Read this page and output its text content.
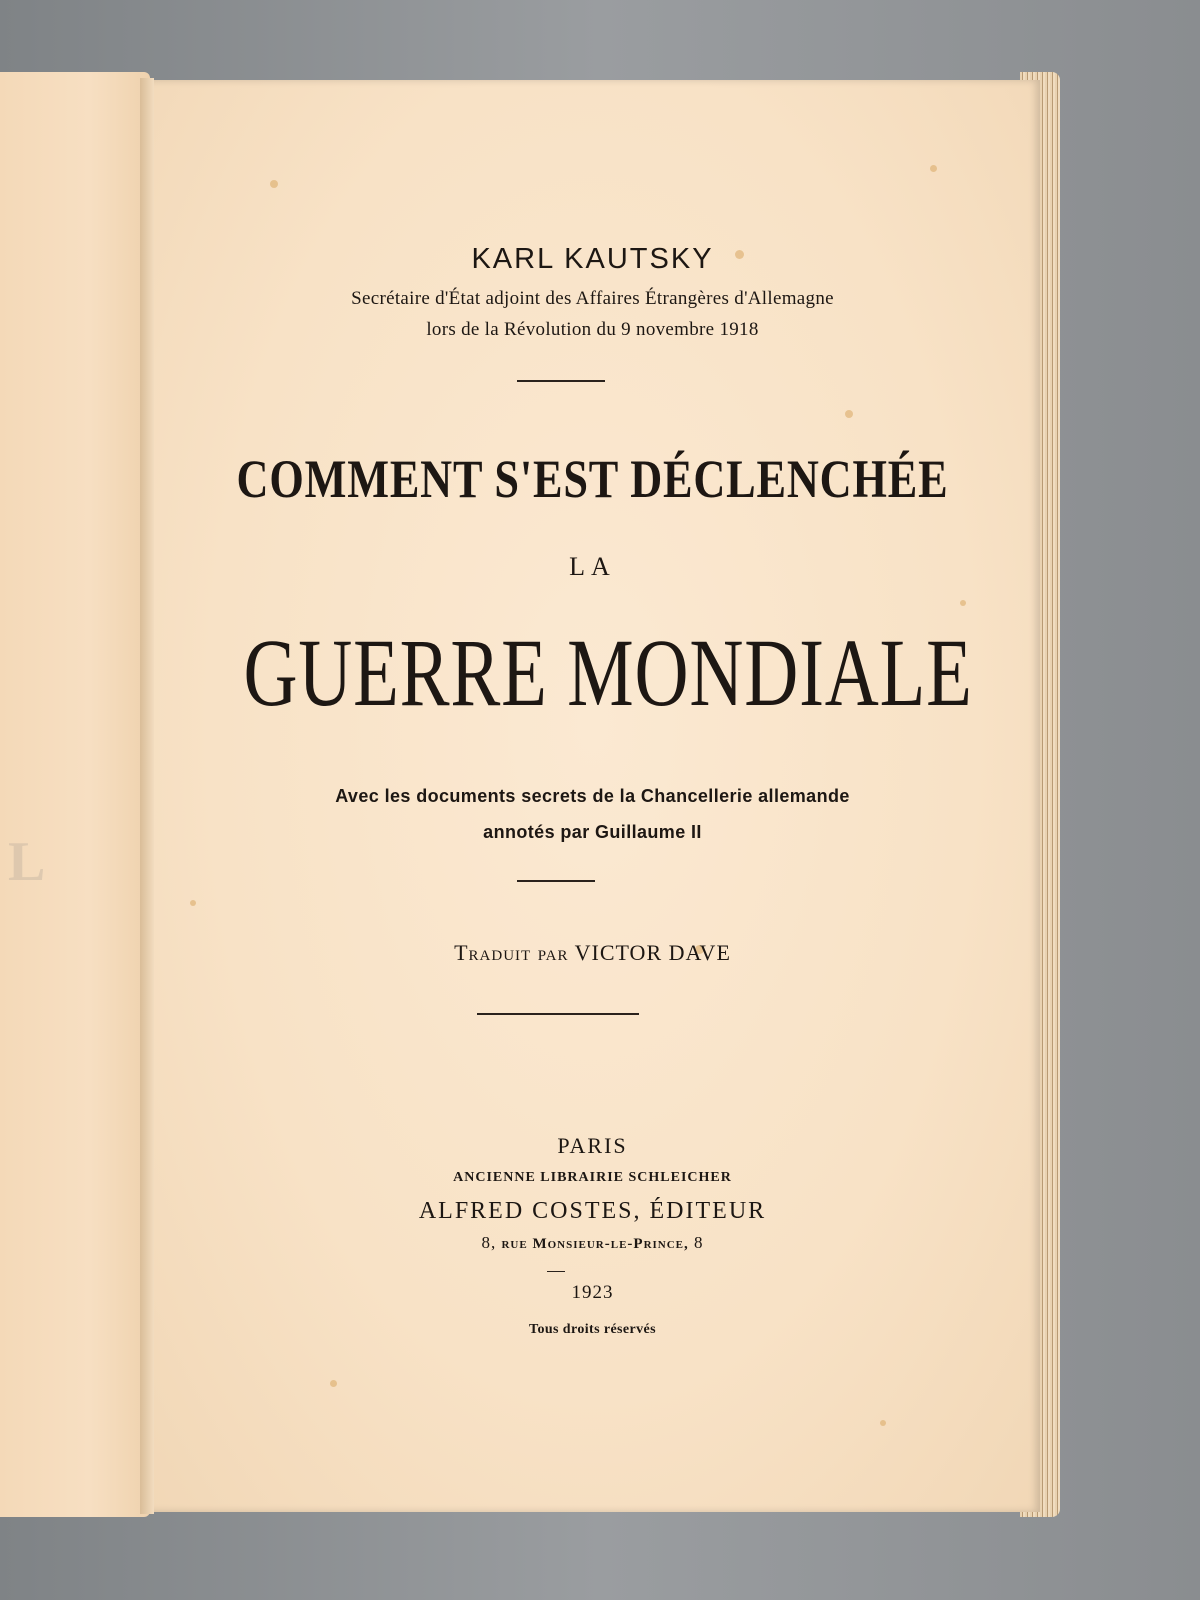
L
KARL KAUTSKY
Secrétaire d'État adjoint des Affaires Étrangères d'Allemagne
lors de la Révolution du 9 novembre 1918
COMMENT S'EST DÉCLENCHÉE
LA
GUERRE MONDIALE
Avec les documents secrets de la Chancellerie allemande
annotés par Guillaume II
Traduit par VICTOR DAVE
PARIS
ANCIENNE LIBRAIRIE SCHLEICHER
ALFRED COSTES, ÉDITEUR
8, rue Monsieur-le-Prince, 8
1923
Tous droits réservés
